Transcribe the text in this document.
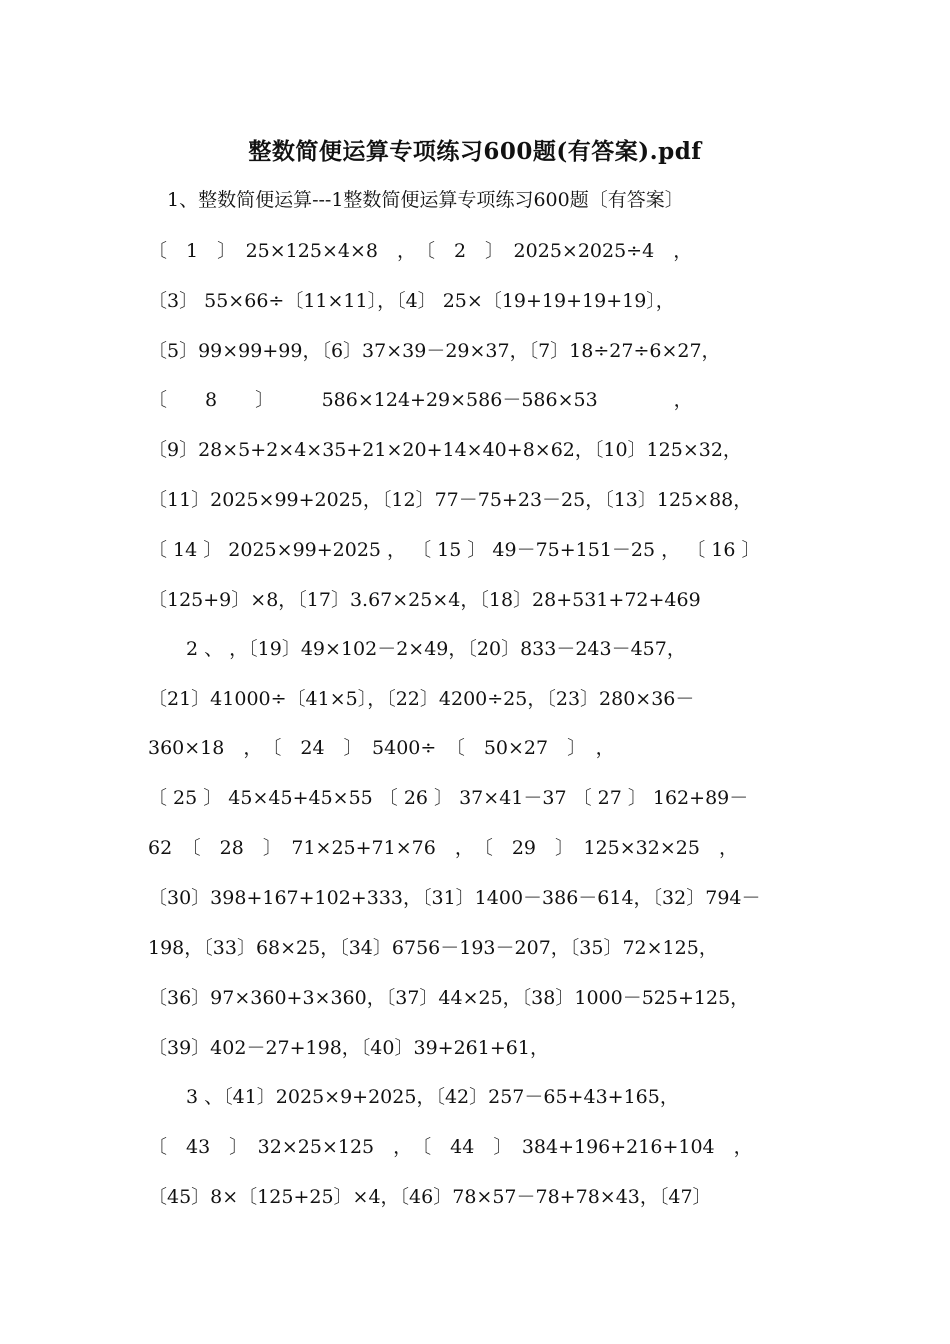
整数简便运算专项练习600题(有答案).pdf
　1、整数简便运算---1整数简便运算专项练习600题〔有答案〕
〔　1　〕　25×125×4×8　，　〔　2　〕　2025×2025÷4　，
〔3〕 55×66÷〔11×11〕，〔4〕 25×〔19+19+19+19〕，
〔5〕99×99+99，〔6〕37×39－29×37，〔7〕18÷27÷6×27，
〔　　8　　〕　　　586×124+29×586－586×53　　　　，
〔9〕28×5+2×4×35+21×20+14×40+8×62，〔10〕125×32，
〔11〕2025×99+2025，〔12〕77－75+23－25，〔13〕125×88，
〔 14 〕 2025×99+2025 ， 〔 15 〕 49－75+151－25 ， 〔 16 〕
〔125+9〕×8，〔17〕3.67×25×4，〔18〕28+531+72+469
　　2 、 ，〔19〕49×102－2×49，〔20〕833－243－457，
〔21〕41000÷〔41×5〕，〔22〕4200÷25，〔23〕280×36－
360×18　，　〔　24　〕　5400÷　〔　50×27　〕　，
〔 25 〕 45×45+45×55 〔 26 〕 37×41－37 〔 27 〕 162+89－
62　〔　28　〕　71×25+71×76　，　〔　29　〕　125×32×25　，
〔30〕398+167+102+333，〔31〕1400－386－614，〔32〕794－
198，〔33〕68×25，〔34〕6756－193－207，〔35〕72×125，
〔36〕97×360+3×360，〔37〕44×25，〔38〕1000－525+125，
〔39〕402－27+198，〔40〕39+261+61，
　　3 、〔41〕2025×9+2025，〔42〕257－65+43+165，
〔　43　〕　32×25×125　，　〔　44　〕　384+196+216+104　，
〔45〕8×〔125+25〕×4，〔46〕78×57－78+78×43，〔47〕
